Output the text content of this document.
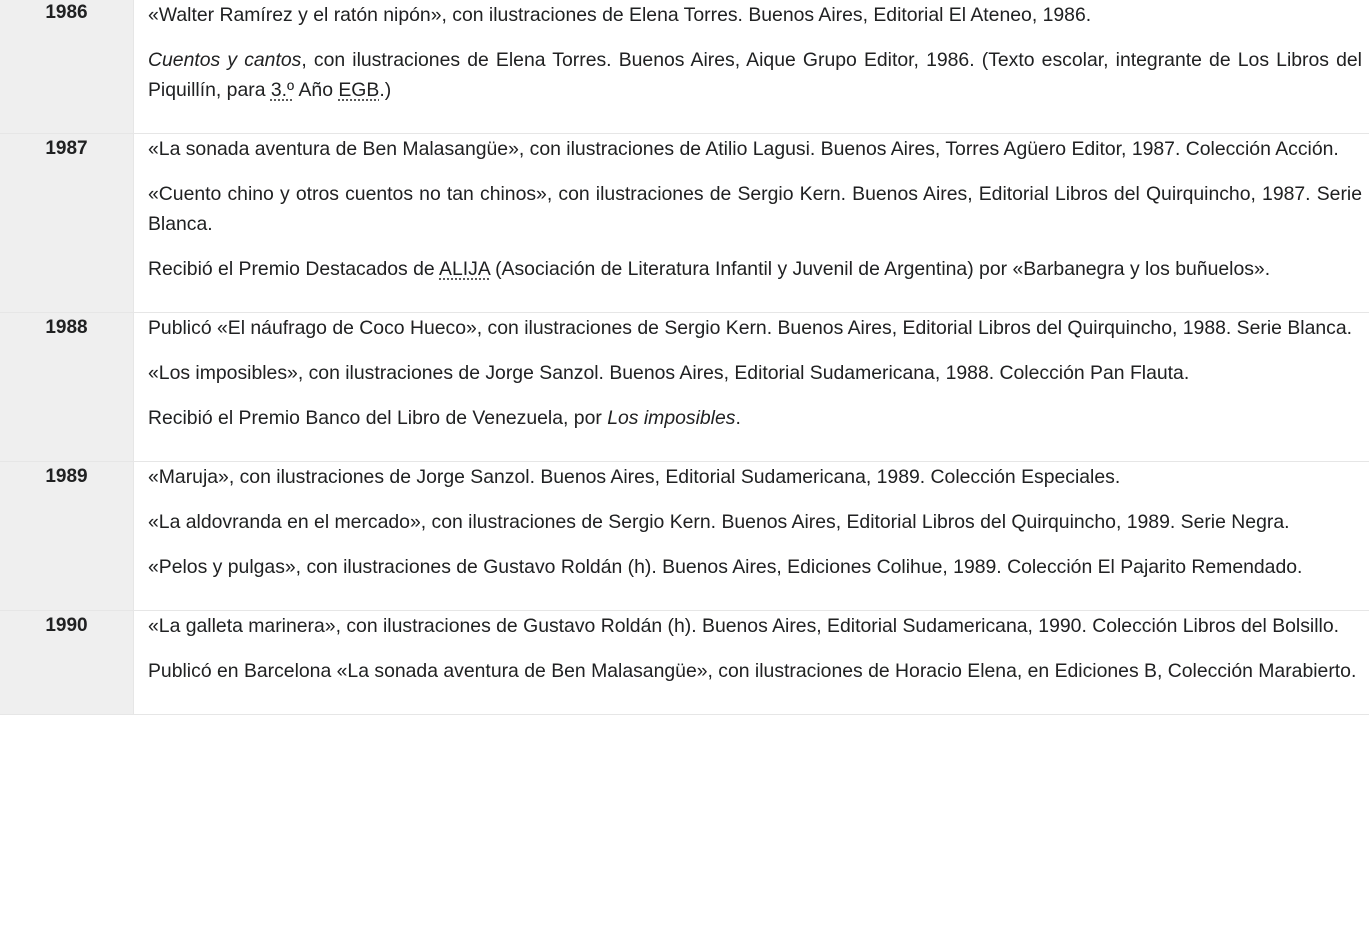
1986	«Walter Ramírez y el ratón nipón», con ilustraciones de Elena Torres. Buenos Aires, Editorial El Ateneo, 1986.

Cuentos y cantos, con ilustraciones de Elena Torres. Buenos Aires, Aique Grupo Editor, 1986. (Texto escolar, integrante de Los Libros del Piquillín, para 3.º Año EGB.)

1987	«La sonada aventura de Ben Malasangüe», con ilustraciones de Atilio Lagusi. Buenos Aires, Torres Agüero Editor, 1987. Colección Acción.

«Cuento chino y otros cuentos no tan chinos», con ilustraciones de Sergio Kern. Buenos Aires, Editorial Libros del Quirquincho, 1987. Serie Blanca.

Recibió el Premio Destacados de ALIJA (Asociación de Literatura Infantil y Juvenil de Argentina) por «Barbanegra y los buñuelos».

1988	Publicó «El náufrago de Coco Hueco», con ilustraciones de Sergio Kern. Buenos Aires, Editorial Libros del Quirquincho, 1988. Serie Blanca.

«Los imposibles», con ilustraciones de Jorge Sanzol. Buenos Aires, Editorial Sudamericana, 1988. Colección Pan Flauta.

Recibió el Premio Banco del Libro de Venezuela, por Los imposibles.

1989	«Maruja», con ilustraciones de Jorge Sanzol. Buenos Aires, Editorial Sudamericana, 1989. Colección Especiales.

«La aldovranda en el mercado», con ilustraciones de Sergio Kern. Buenos Aires, Editorial Libros del Quirquincho, 1989. Serie Negra.

«Pelos y pulgas», con ilustraciones de Gustavo Roldán (h). Buenos Aires, Ediciones Colihue, 1989. Colección El Pajarito Remendado.

1990	«La galleta marinera», con ilustraciones de Gustavo Roldán (h). Buenos Aires, Editorial Sudamericana, 1990. Colección Libros del Bolsillo.

Publicó en Barcelona «La sonada aventura de Ben Malasangüe», con ilustraciones de Horacio Elena, en Ediciones B, Colección Marabierto.
